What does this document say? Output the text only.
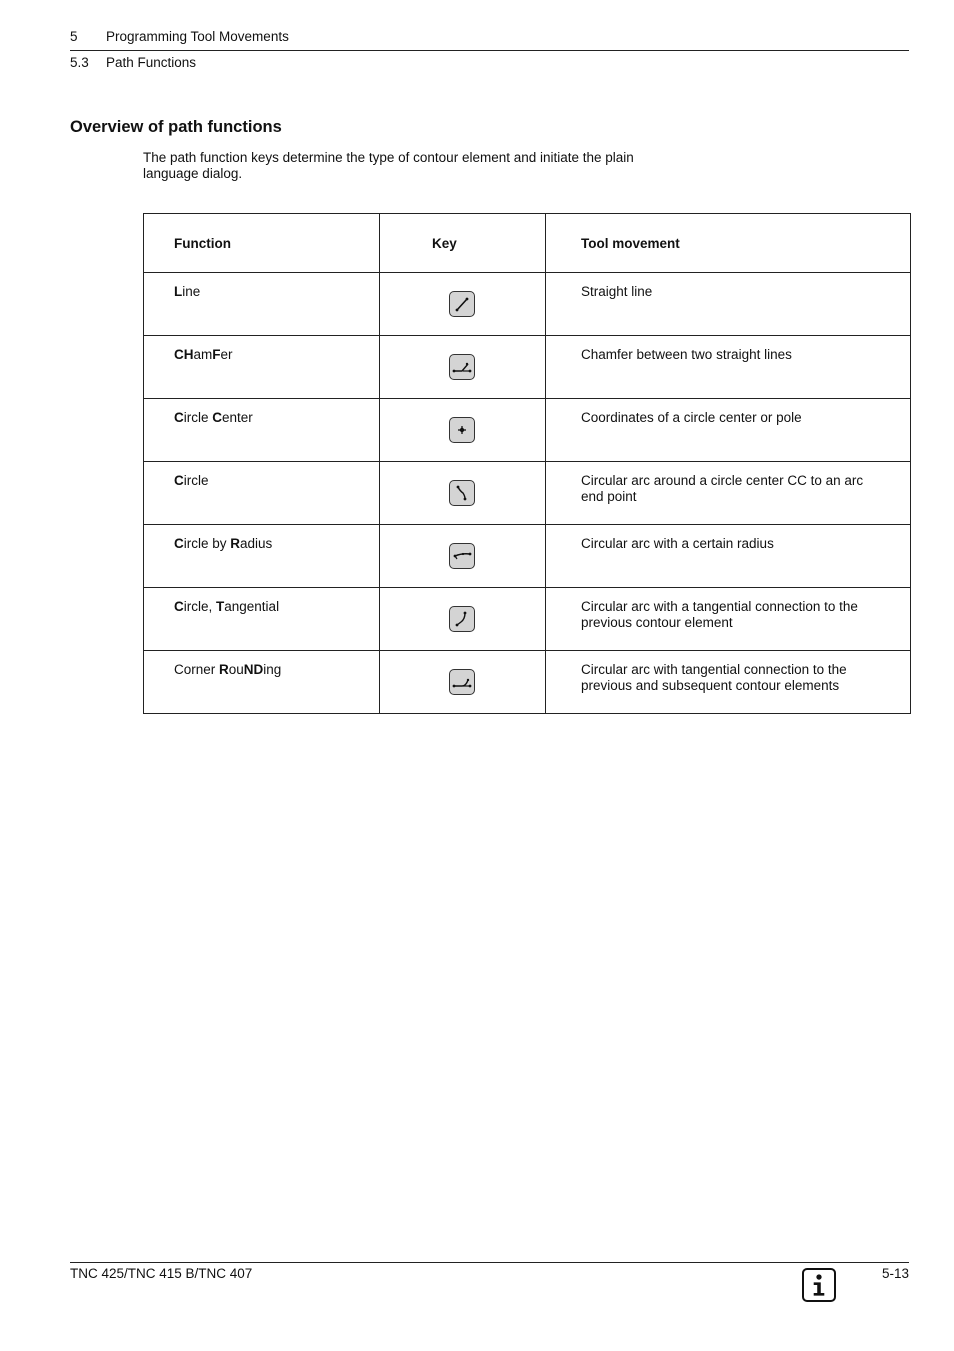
5 Programming Tool Movements
5.3 Path Functions
Overview of path functions
The path function keys determine the type of contour element and initiate the plain language dialog.
Function	Key	Tool movement
Line		Straight line
CHamFer		Chamfer between two straight lines
Circle Center		Coordinates of a circle center or pole
Circle		Circular arc around a circle center CC to an arc end point
Circle by Radius		Circular arc with a certain radius
Circle, Tangential		Circular arc with a tangential connection to the previous contour element
Corner RouNDing		Circular arc with tangential connection to the previous and subsequent contour elements
TNC 425/TNC 415 B/TNC 407	5-13
